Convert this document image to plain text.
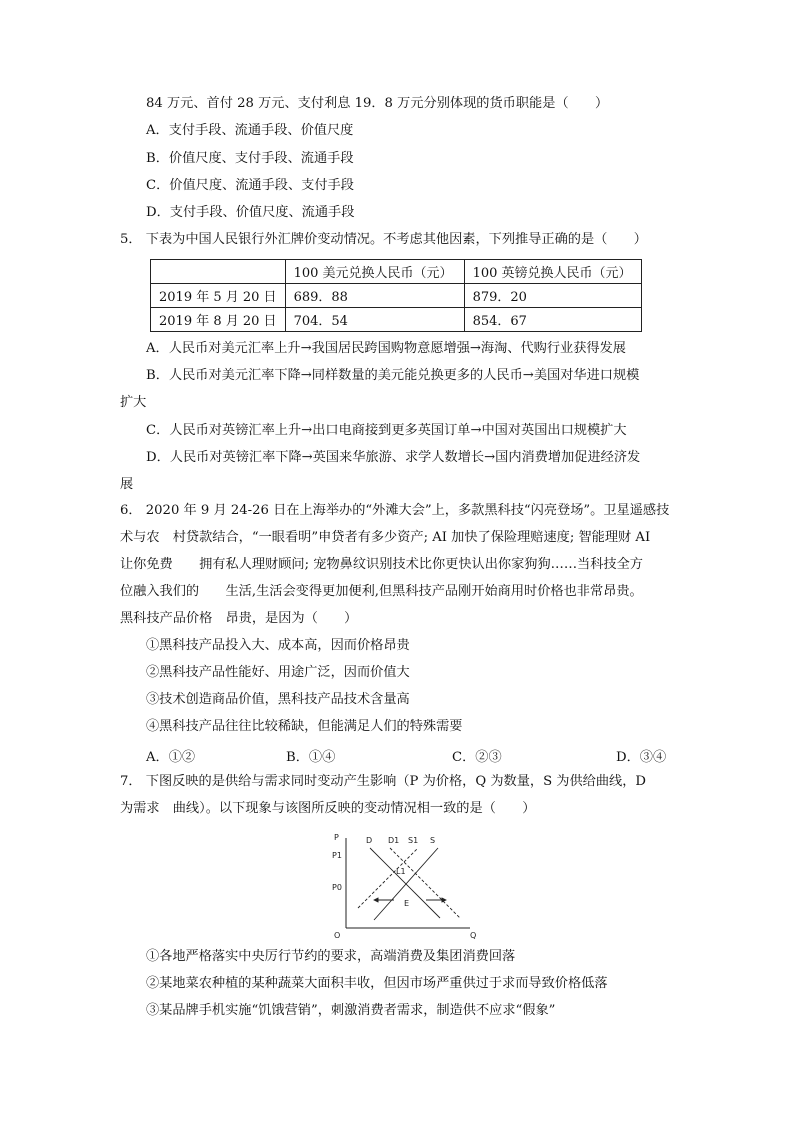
84 万元、首付 28 万元、支付利息 19．8 万元分别体现的货币职能是（　　）
A．支付手段、流通手段、价值尺度
B．价值尺度、支付手段、流通手段
C．价值尺度、流通手段、支付手段
D．支付手段、价值尺度、流通手段
5． 下表为中国人民银行外汇牌价变动情况。不考虑其他因素，下列推导正确的是（　　）
	100 美元兑换人民币（元）	100 英镑兑换人民币（元）
2019 年 5 月 20 日	689．88	879．20
2019 年 8 月 20 日	704．54	854．67
A．人民币对美元汇率上升→我国居民跨国购物意愿增强→海淘、代购行业获得发展
B．人民币对美元汇率下降→同样数量的美元能兑换更多的人民币→美国对华进口规模
扩大
C．人民币对英镑汇率上升→出口电商接到更多英国订单→中国对英国出口规模扩大
D．人民币对英镑汇率下降→英国来华旅游、求学人数增长→国内消费增加促进经济发
展
6． 2020 年 9 月 24-26 日在上海举办的“外滩大会”上，多款黑科技“闪亮登场”。卫星遥感技
术与农　村贷款结合，“一眼看明”申贷者有多少资产; AI 加快了保险理赔速度; 智能理财 AI
让你免费　　拥有私人理财顾问; 宠物鼻纹识别技术比你更快认出你家狗狗……当科技全方
位融入我们的　　生活,生活会变得更加便利,但黑科技产品刚开始商用时价格也非常昂贵。
黑科技产品价格　昂贵，是因为（　　）
①黑科技产品投入大、成本高，因而价格昂贵
②黑科技产品性能好、用途广泛，因而价值大
③技术创造商品价值，黑科技产品技术含量高
④黑科技产品往往比较稀缺，但能满足人们的特殊需要
A．①②	B．①④	C．②③	D．③④
7． 下图反映的是供给与需求同时变动产生影响（P 为价格，Q 为数量，S 为供给曲线，D
为需求　曲线）。以下现象与该图所反映的变动情况相一致的是（　　）
P
Q
O
P1
P0
D D1 S1 S
L1
E
①各地严格落实中央厉行节约的要求，高端消费及集团消费回落
②某地菜农种植的某种蔬菜大面积丰收，但因市场严重供过于求而导致价格低落
③某品牌手机实施“饥饿营销”，刺激消费者需求，制造供不应求“假象”
